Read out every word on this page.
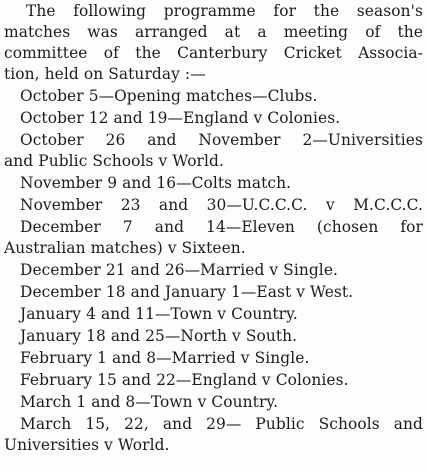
The following programme for the season's
matches was arranged at a meeting of the
committee of the Canterbury Cricket Associa-
tion, held on Saturday :—
October 5—Opening matches—Clubs.
October 12 and 19—England v Colonies.
October 26 and November 2—Universities
and Public Schools v World.
November 9 and 16—Colts match.
November 23 and 30—U.C.C.C. v M.C.C.C.
December 7 and 14—Eleven (chosen for
Australian matches) v Sixteen.
December 21 and 26—Married v Single.
December 18 and January 1—East v West.
January 4 and 11—Town v Country.
January 18 and 25—North v South.
February 1 and 8—Married v Single.
February 15 and 22—England v Colonies.
March 1 and 8—Town v Country.
March 15, 22, and 29— Public Schools and
Universities v World.
